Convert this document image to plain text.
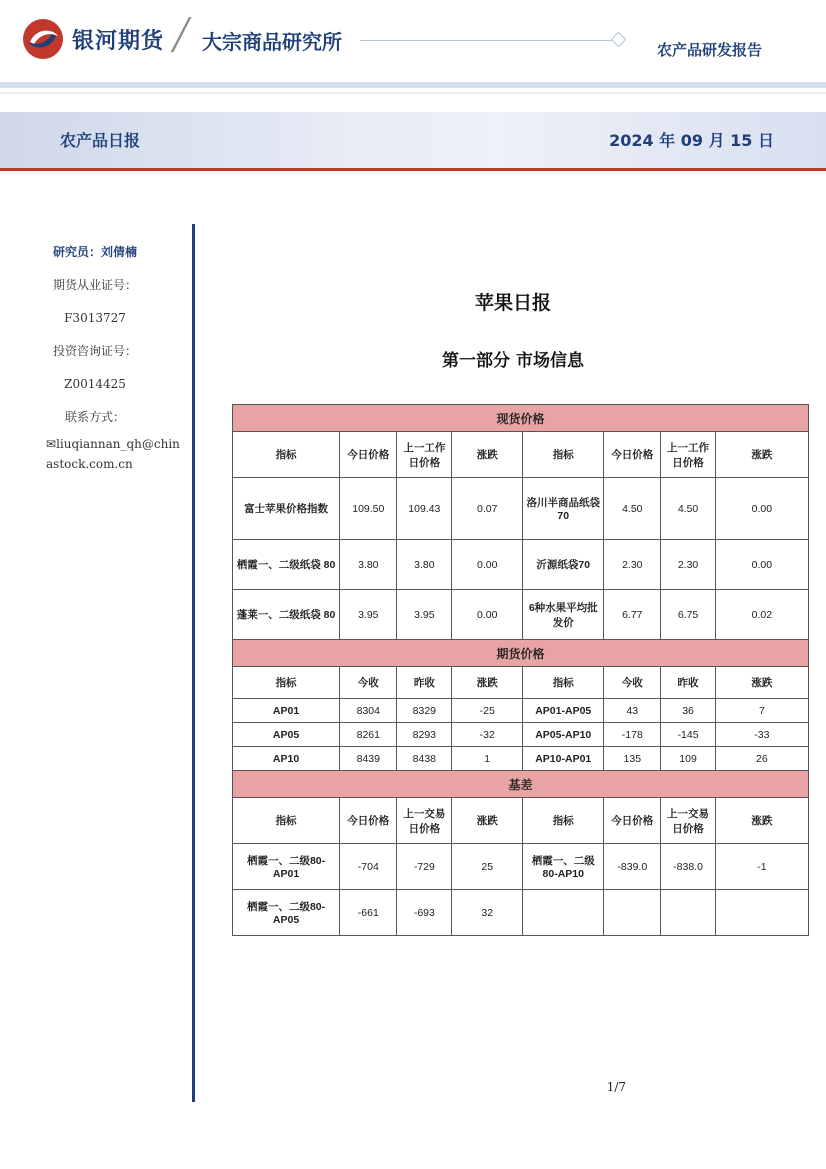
银河期货 ╱ 大宗商品研究所	农产品研发报告
农产品日报	2024 年 09 月 15 日
研究员：刘倩楠
期货从业证号：
F3013727
投资咨询证号：
Z0014425
联系方式：
✉liuqiannan_qh@chinastock.com.cn
苹果日报
第一部分 市场信息
现货价格							
指标	今日价格	上一工作日价格	涨跌	指标	今日价格	上一工作日价格	涨跌
富士苹果价格指数	109.50	109.43	0.07	洛川半商品纸袋70	4.50	4.50	0.00
栖霞一、二级纸袋 80	3.80	3.80	0.00	沂源纸袋70	2.30	2.30	0.00
蓬莱一、二级纸袋 80	3.95	3.95	0.00	6种水果平均批发价	6.77	6.75	0.02
期货价格							
指标	今收	昨收	涨跌	指标	今收	昨收	涨跌
AP01	8304	8329	-25	AP01-AP05	43	36	7
AP05	8261	8293	-32	AP05-AP10	-178	-145	-33
AP10	8439	8438	1	AP10-AP01	135	109	26
基差							
指标	今日价格	上一交易日价格	涨跌	指标	今日价格	上一交易日价格	涨跌
栖霞一、二级80-AP01	-704	-729	25	栖霞一、二级80-AP10	-839.0	-838.0	-1
栖霞一、二级80-AP05	-661	-693	32				
1/7
